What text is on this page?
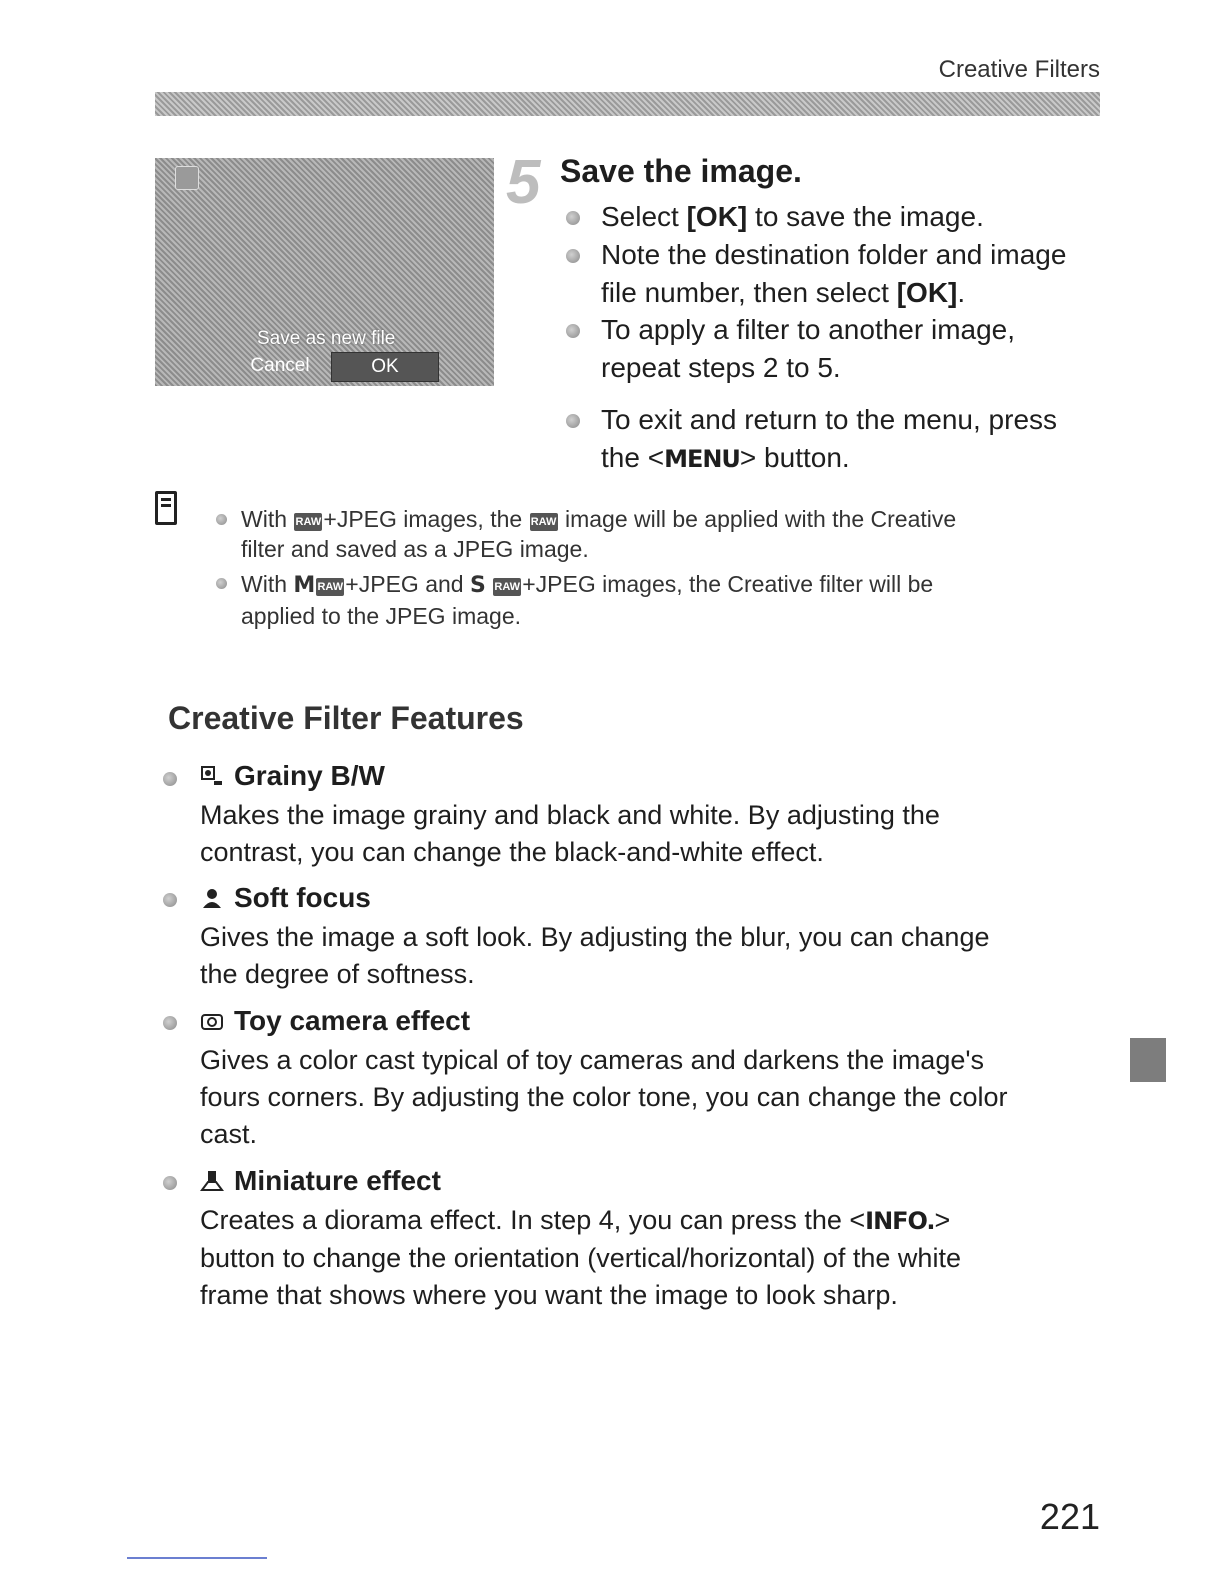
Creative Filters
Save as new file
Cancel	OK
5 Save the image.
Select [OK] to save the image.
Note the destination folder and image
file number, then select [OK].
To apply a filter to another image,
repeat steps 2 to 5.
To exit and return to the menu, press
the <MENU> button.
With RAW+JPEG images, the RAW image will be applied with the Creative
filter and saved as a JPEG image.
With M RAW+JPEG and S RAW+JPEG images, the Creative filter will be
applied to the JPEG image.
Creative Filter Features
Grainy B/W
Makes the image grainy and black and white. By adjusting the
contrast, you can change the black-and-white effect.
Soft focus
Gives the image a soft look. By adjusting the blur, you can change
the degree of softness.
Toy camera effect
Gives a color cast typical of toy cameras and darkens the image's
fours corners. By adjusting the color tone, you can change the color
cast.
Miniature effect
Creates a diorama effect. In step 4, you can press the <INFO.>
button to change the orientation (vertical/horizontal) of the white
frame that shows where you want the image to look sharp.
221
